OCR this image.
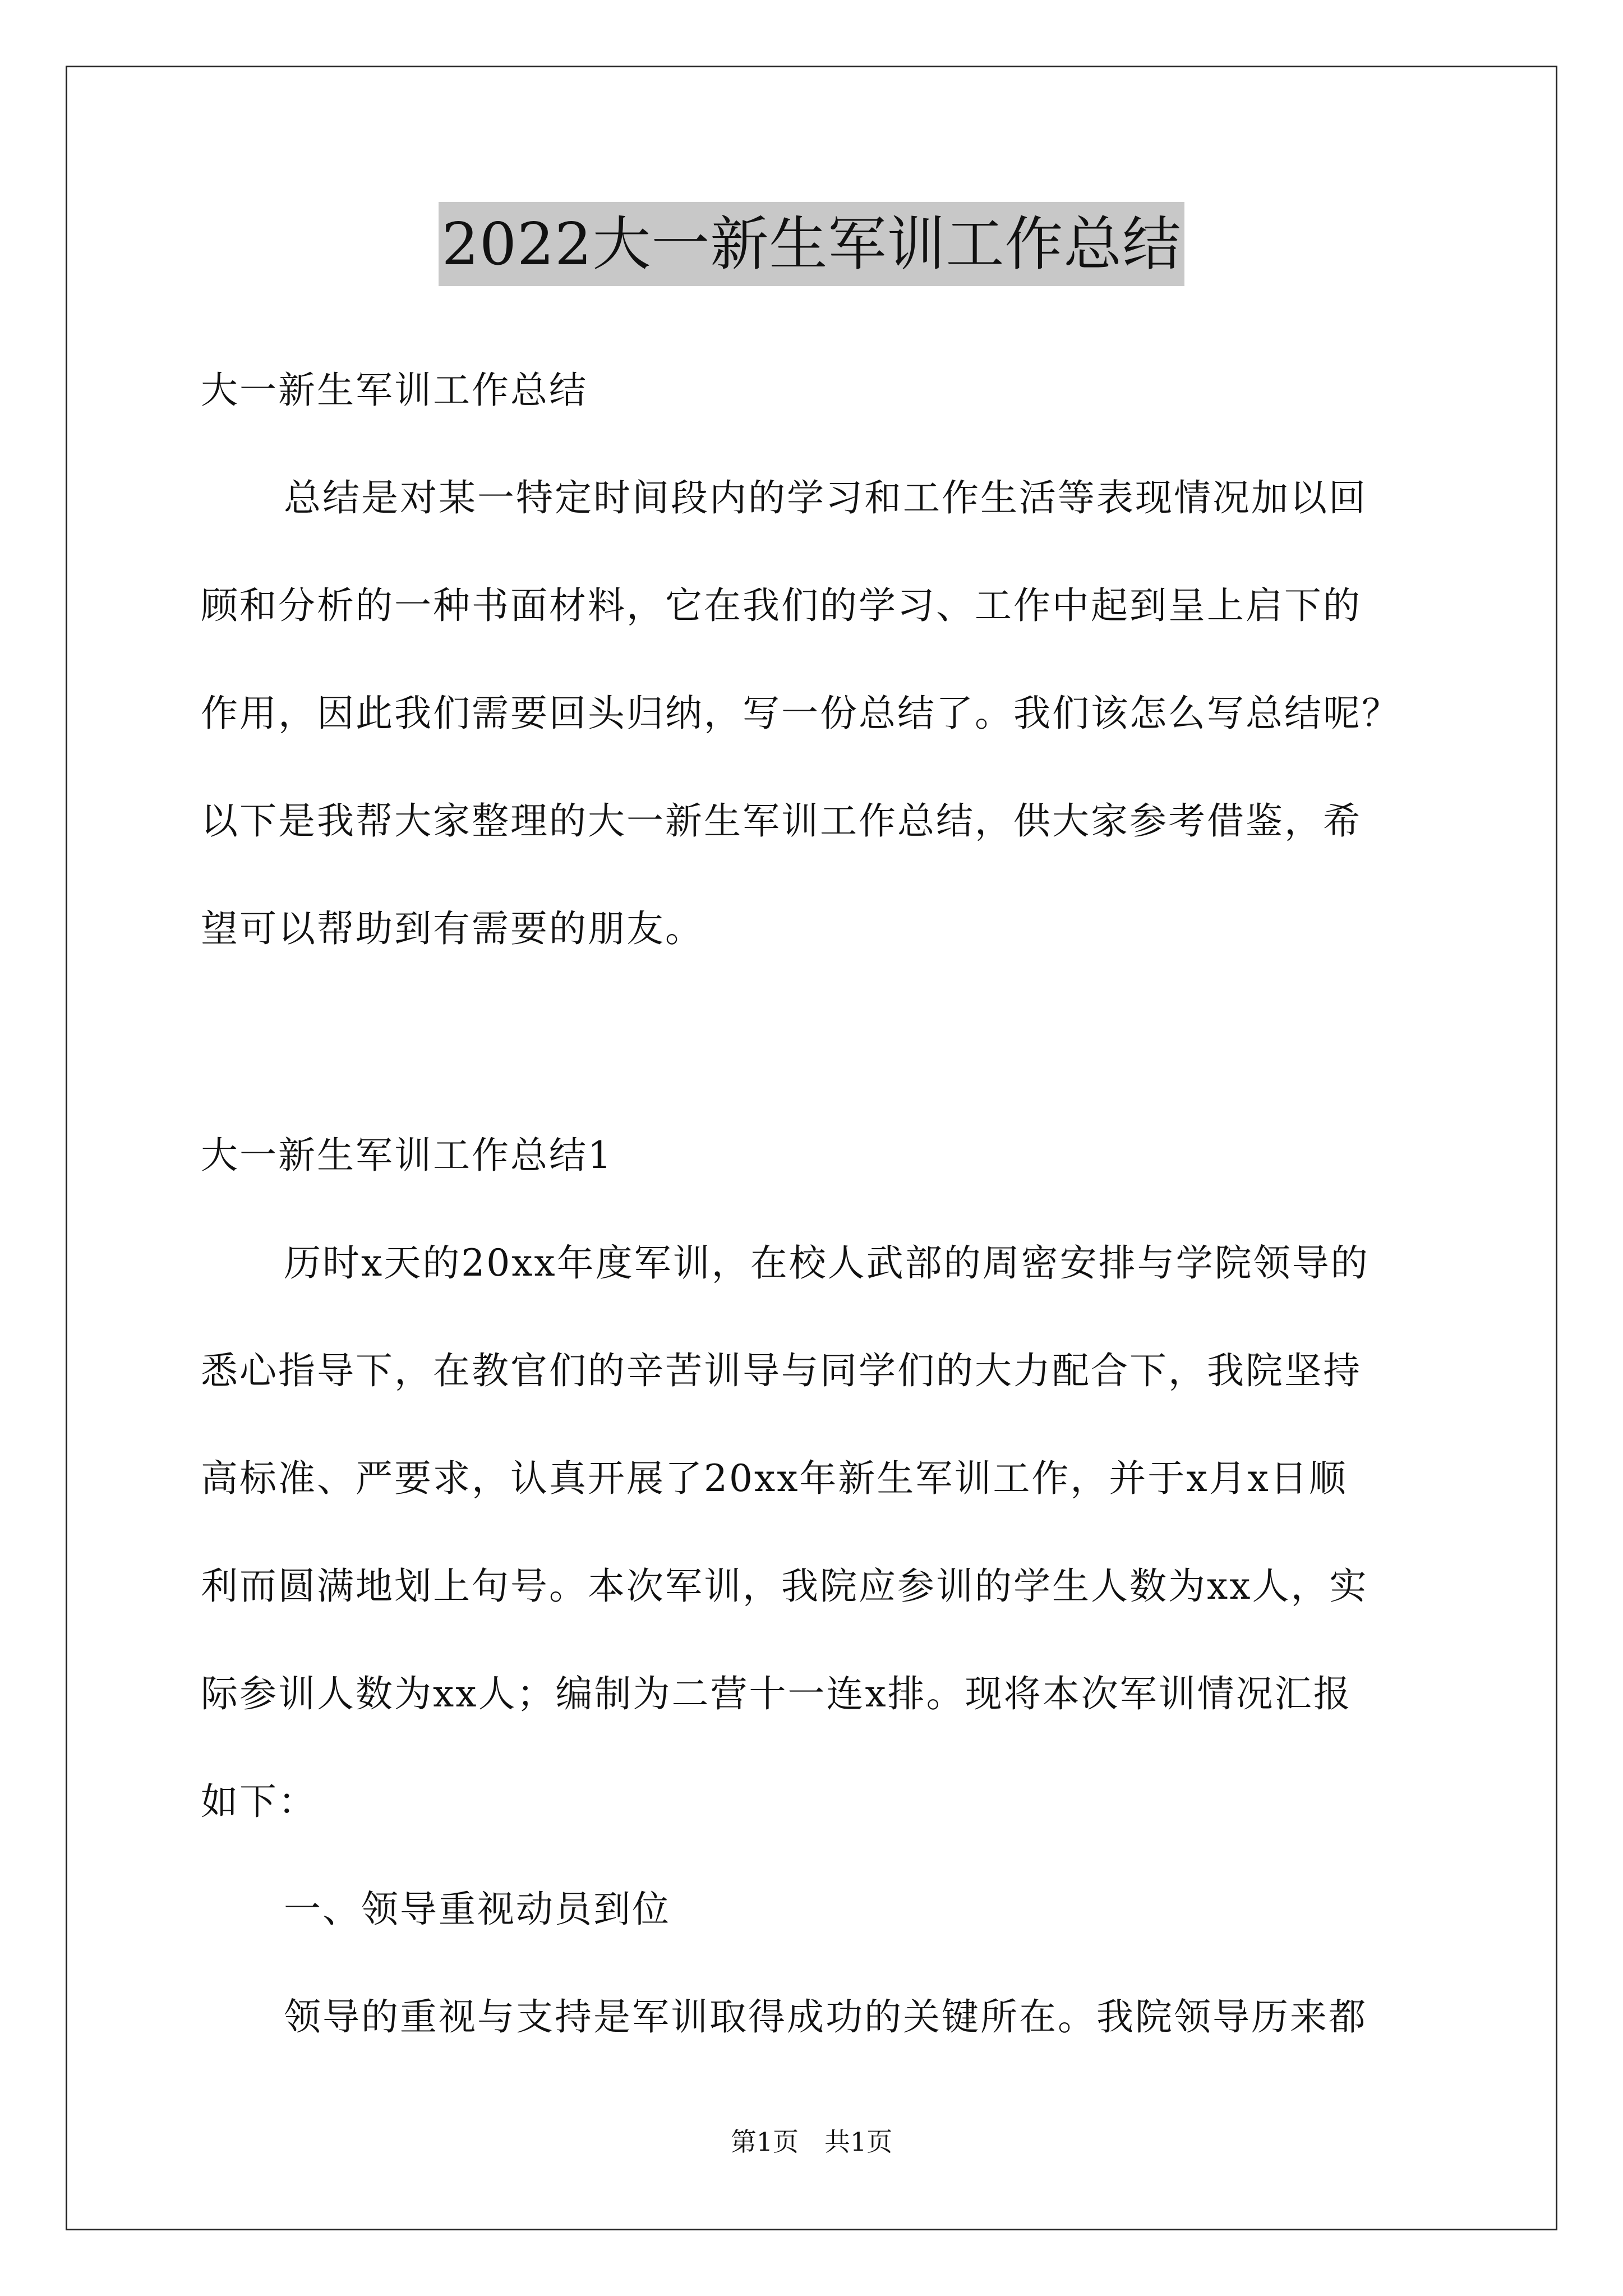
2022大一新生军训工作总结

大一新生军训工作总结

总结是对某一特定时间段内的学习和工作生活等表现情况加以回
顾和分析的一种书面材料，它在我们的学习、工作中起到呈上启下的
作用，因此我们需要回头归纳，写一份总结了。我们该怎么写总结呢？
以下是我帮大家整理的大一新生军训工作总结，供大家参考借鉴，希
望可以帮助到有需要的朋友。

大一新生军训工作总结1

历时x天的20xx年度军训，在校人武部的周密安排与学院领导的
悉心指导下，在教官们的辛苦训导与同学们的大力配合下，我院坚持
高标准、严要求，认真开展了20xx年新生军训工作，并于x月x日顺
利而圆满地划上句号。本次军训，我院应参训的学生人数为xx人，实
际参训人数为xx人；编制为二营十一连x排。现将本次军训情况汇报
如下：

一、领导重视动员到位

领导的重视与支持是军训取得成功的关键所在。我院领导历来都

第1页　共1页
